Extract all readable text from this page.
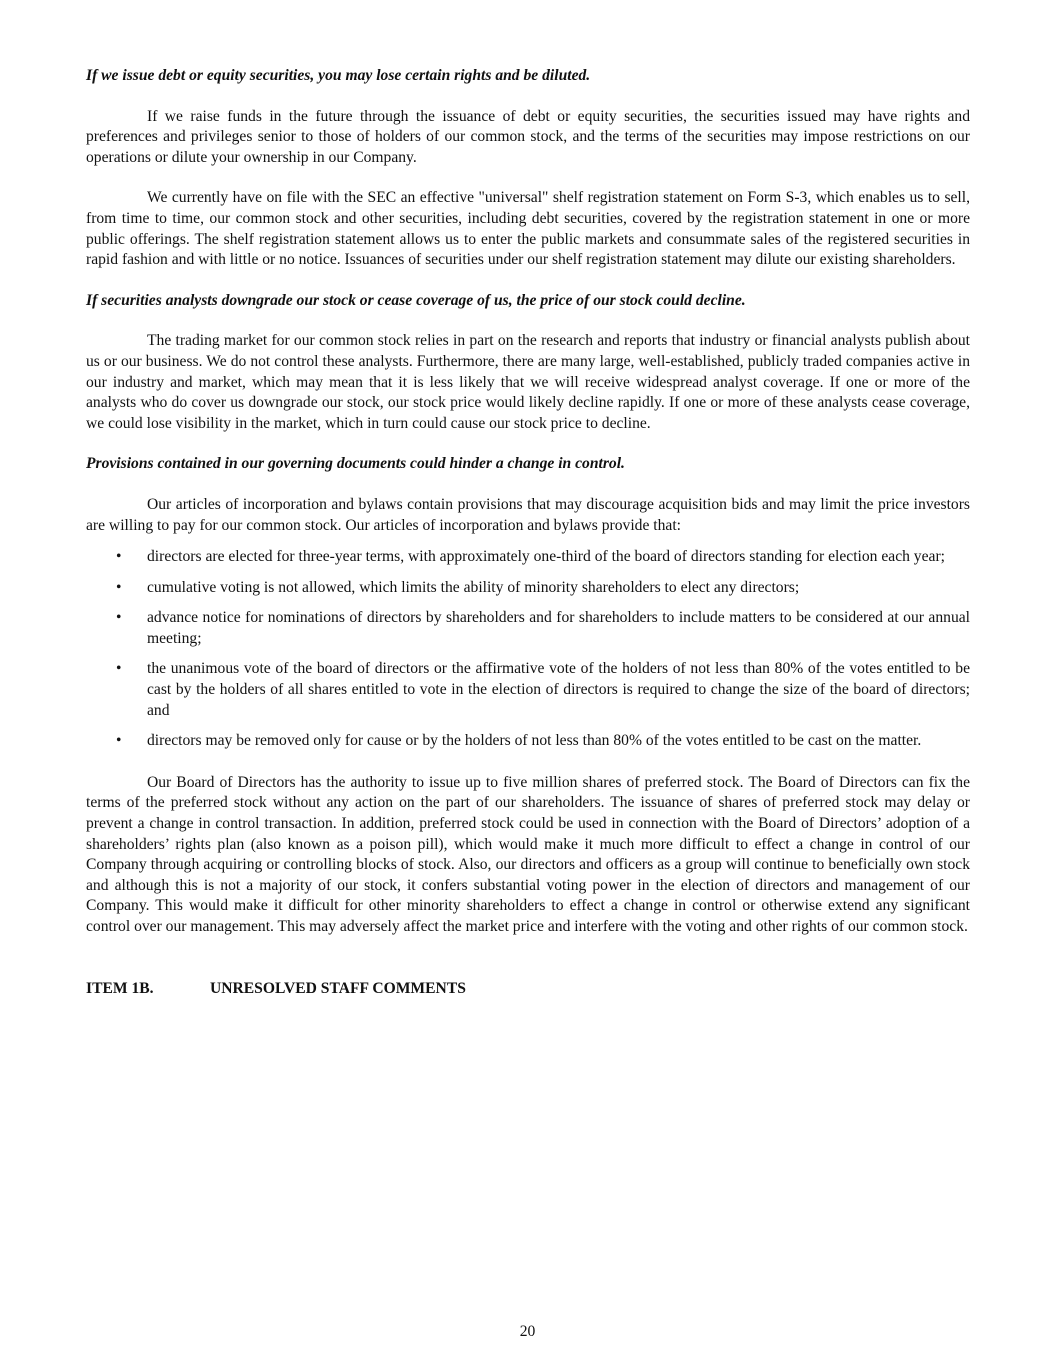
If we issue debt or equity securities, you may lose certain rights and be diluted.
If we raise funds in the future through the issuance of debt or equity securities, the securities issued may have rights and preferences and privileges senior to those of holders of our common stock, and the terms of the securities may impose restrictions on our operations or dilute your ownership in our Company.
We currently have on file with the SEC an effective "universal" shelf registration statement on Form S-3, which enables us to sell, from time to time, our common stock and other securities, including debt securities, covered by the registration statement in one or more public offerings. The shelf registration statement allows us to enter the public markets and consummate sales of the registered securities in rapid fashion and with little or no notice. Issuances of securities under our shelf registration statement may dilute our existing shareholders.
If securities analysts downgrade our stock or cease coverage of us, the price of our stock could decline.
The trading market for our common stock relies in part on the research and reports that industry or financial analysts publish about us or our business. We do not control these analysts. Furthermore, there are many large, well-established, publicly traded companies active in our industry and market, which may mean that it is less likely that we will receive widespread analyst coverage. If one or more of the analysts who do cover us downgrade our stock, our stock price would likely decline rapidly. If one or more of these analysts cease coverage, we could lose visibility in the market, which in turn could cause our stock price to decline.
Provisions contained in our governing documents could hinder a change in control.
Our articles of incorporation and bylaws contain provisions that may discourage acquisition bids and may limit the price investors are willing to pay for our common stock. Our articles of incorporation and bylaws provide that:
•	directors are elected for three-year terms, with approximately one-third of the board of directors standing for election each year;
•	cumulative voting is not allowed, which limits the ability of minority shareholders to elect any directors;
•	advance notice for nominations of directors by shareholders and for shareholders to include matters to be considered at our annual meeting;
•	the unanimous vote of the board of directors or the affirmative vote of the holders of not less than 80% of the votes entitled to be cast by the holders of all shares entitled to vote in the election of directors is required to change the size of the board of directors; and
•	directors may be removed only for cause or by the holders of not less than 80% of the votes entitled to be cast on the matter.
Our Board of Directors has the authority to issue up to five million shares of preferred stock. The Board of Directors can fix the terms of the preferred stock without any action on the part of our shareholders. The issuance of shares of preferred stock may delay or prevent a change in control transaction. In addition, preferred stock could be used in connection with the Board of Directors’ adoption of a shareholders’ rights plan (also known as a poison pill), which would make it much more difficult to effect a change in control of our Company through acquiring or controlling blocks of stock. Also, our directors and officers as a group will continue to beneficially own stock and although this is not a majority of our stock, it confers substantial voting power in the election of directors and management of our Company. This would make it difficult for other minority shareholders to effect a change in control or otherwise extend any significant control over our management. This may adversely affect the market price and interfere with the voting and other rights of our common stock.
ITEM 1B.	UNRESOLVED STAFF COMMENTS
20
